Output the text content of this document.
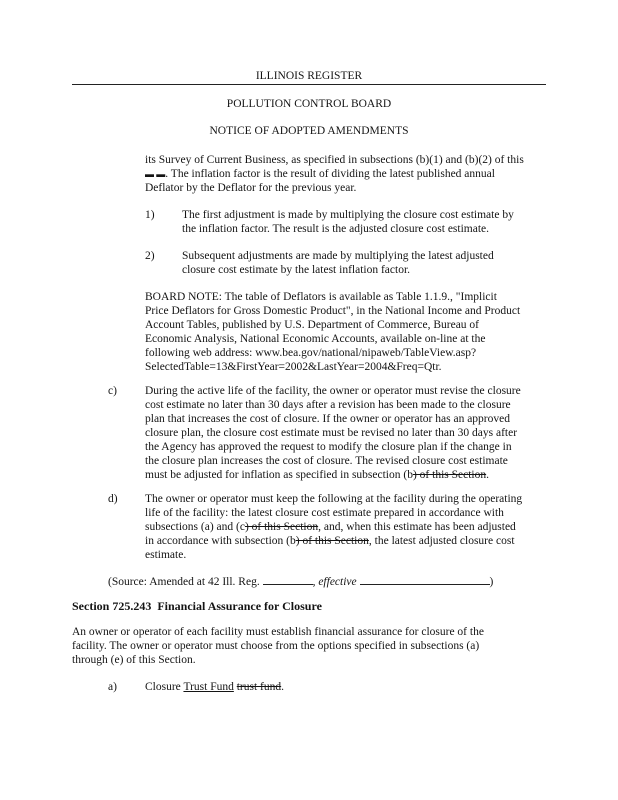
ILLINOIS REGISTER
POLLUTION CONTROL BOARD
NOTICE OF ADOPTED AMENDMENTS
its Survey of Current Business, as specified in subsections (b)(1) and (b)(2) of this
▬ ▬. The inflation factor is the result of dividing the latest published annual
Deflator by the Deflator for the previous year.
1) The first adjustment is made by multiplying the closure cost estimate by
the inflation factor. The result is the adjusted closure cost estimate.
2) Subsequent adjustments are made by multiplying the latest adjusted
closure cost estimate by the latest inflation factor.
BOARD NOTE: The table of Deflators is available as Table 1.1.9., "Implicit
Price Deflators for Gross Domestic Product", in the National Income and Product
Account Tables, published by U.S. Department of Commerce, Bureau of
Economic Analysis, National Economic Accounts, available on-line at the
following web address: www.bea.gov/national/nipaweb/TableView.asp?
SelectedTable=13&FirstYear=2002&LastYear=2004&Freq=Qtr.
c) During the active life of the facility, the owner or operator must revise the closure
cost estimate no later than 30 days after a revision has been made to the closure
plan that increases the cost of closure. If the owner or operator has an approved
closure plan, the closure cost estimate must be revised no later than 30 days after
the Agency has approved the request to modify the closure plan if the change in
the closure plan increases the cost of closure. The revised closure cost estimate
must be adjusted for inflation as specified in subsection (b) of this Section.
d) The owner or operator must keep the following at the facility during the operating
life of the facility: the latest closure cost estimate prepared in accordance with
subsections (a) and (c) of this Section, and, when this estimate has been adjusted
in accordance with subsection (b) of this Section, the latest adjusted closure cost
estimate.
(Source: Amended at 42 Ill. Reg.	, effective	)
Section 725.243 Financial Assurance for Closure
An owner or operator of each facility must establish financial assurance for closure of the
facility. The owner or operator must choose from the options specified in subsections (a)
through (e) of this Section.
a) Closure Trust Fund trust fund.
